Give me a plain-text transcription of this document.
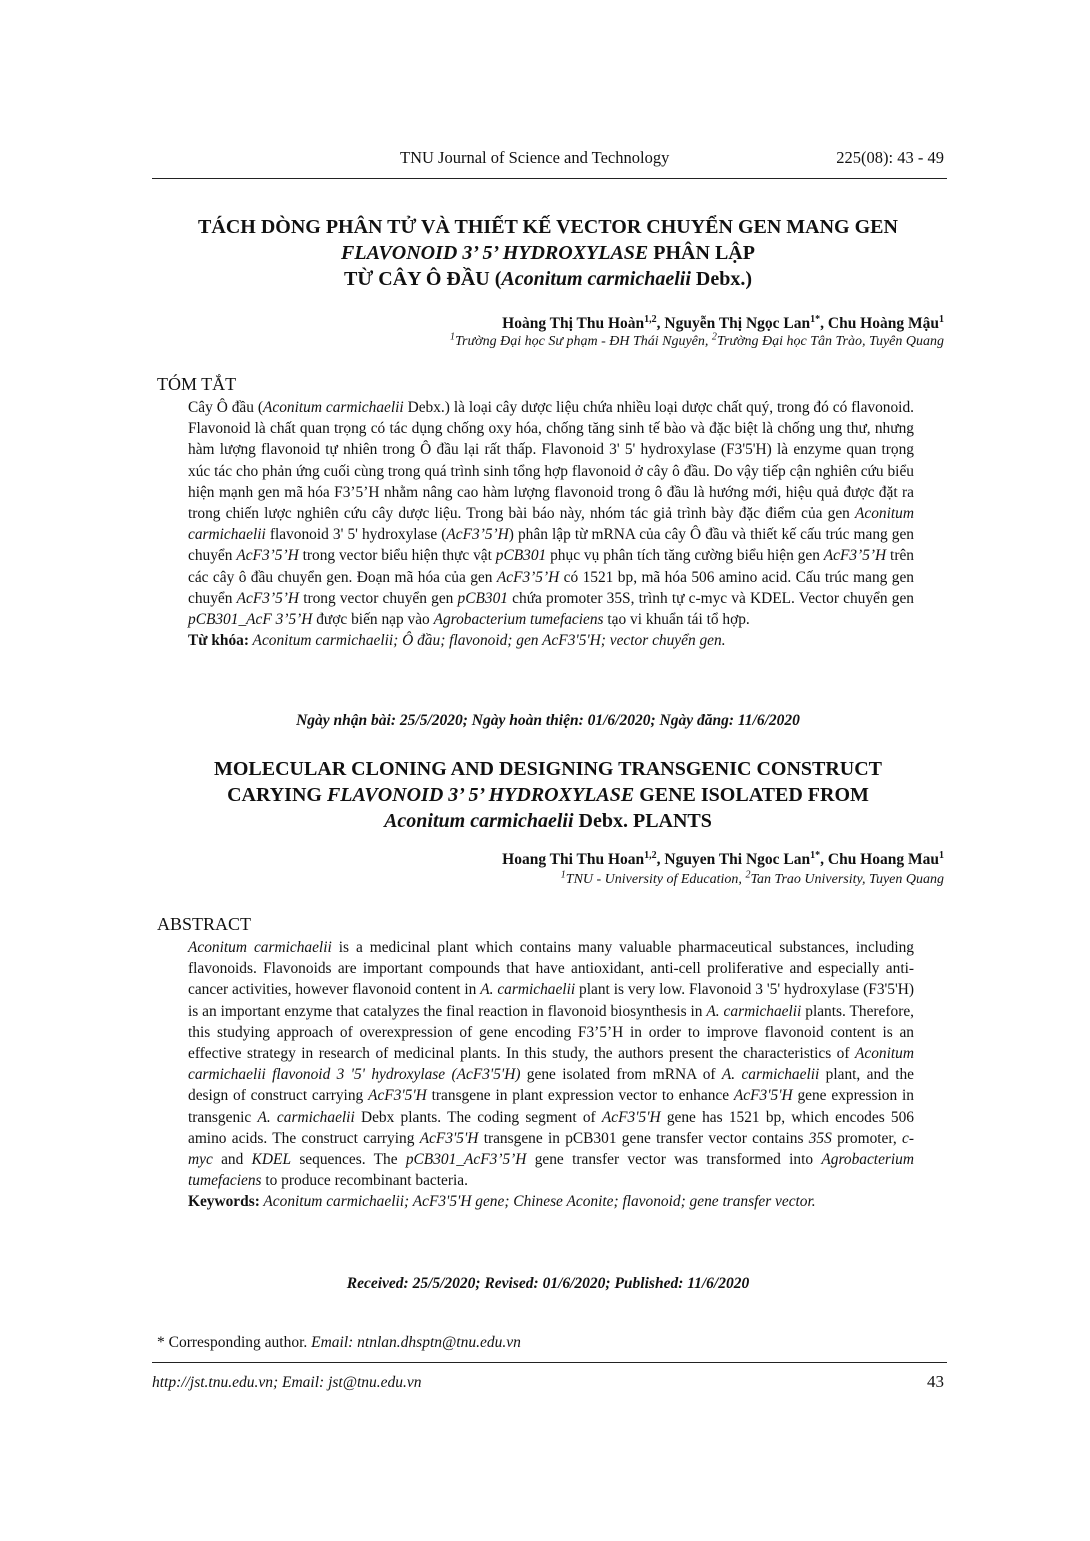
TNU Journal of Science and Technology	225(08): 43 - 49
TÁCH DÒNG PHÂN TỬ VÀ THIẾT KẾ VECTOR CHUYỂN GEN MANG GEN
FLAVONOID 3’ 5’ HYDROXYLASE PHÂN LẬP
TỪ CÂY Ô ĐẦU (Aconitum carmichaelii Debx.)
Hoàng Thị Thu Hoàn$^{1,2}$, Nguyễn Thị Ngọc Lan$^{1*}$, Chu Hoàng Mậu$^1$
$^1$Trường Đại học Sư phạm - ĐH Thái Nguyên, $^2$Trường Đại học Tân Trào, Tuyên Quang
TÓM TẮT

Cây Ô đầu (Aconitum carmichaelii Debx.) là loại cây dược liệu chứa nhiều loại dược chất quý, trong đó có flavonoid. Flavonoid là chất quan trọng có tác dụng chống oxy hóa, chống tăng sinh tế bào và đặc biệt là chống ung thư, nhưng hàm lượng flavonoid tự nhiên trong Ô đầu lại rất thấp. Flavonoid 3' 5' hydroxylase (F3'5'H) là enzyme quan trọng xúc tác cho phản ứng cuối cùng trong quá trình sinh tổng hợp flavonoid ở cây ô đầu. Do vậy tiếp cận nghiên cứu biểu hiện mạnh gen mã hóa F3’5’H nhằm nâng cao hàm lượng flavonoid trong ô đầu là hướng mới, hiệu quả được đặt ra trong chiến lược nghiên cứu cây dược liệu. Trong bài báo này, nhóm tác giả trình bày đặc điểm của gen Aconitum carmichaelii flavonoid 3' 5' hydroxylase (AcF3’5’H) phân lập từ mRNA của cây Ô đầu và thiết kế cấu trúc mang gen chuyển AcF3’5’H trong vector biểu hiện thực vật pCB301 phục vụ phân tích tăng cường biểu hiện gen AcF3’5’H trên các cây ô đầu chuyển gen. Đoạn mã hóa của gen AcF3’5’H có 1521 bp, mã hóa 506 amino acid. Cấu trúc mang gen chuyển AcF3’5’H trong vector chuyển gen pCB301 chứa promoter 35S, trình tự c-myc và KDEL. Vector chuyển gen pCB301_AcF 3’5’H được biến nạp vào Agrobacterium tumefaciens tạo vi khuẩn tái tổ hợp.

Từ khóa: Aconitum carmichaelii; Ô đầu; flavonoid; gen AcF3'5'H; vector chuyển gen.

Ngày nhận bài: 25/5/2020; Ngày hoàn thiện: 01/6/2020; Ngày đăng: 11/6/2020
MOLECULAR CLONING AND DESIGNING TRANSGENIC CONSTRUCT
CARYING FLAVONOID 3’ 5’ HYDROXYLASE GENE ISOLATED FROM
Aconitum carmichaelii Debx. PLANTS
Hoang Thi Thu Hoan$^{1,2}$, Nguyen Thi Ngoc Lan$^{1*}$, Chu Hoang Mau$^1$
$^1$TNU - University of Education, $^2$Tan Trao University, Tuyen Quang
ABSTRACT

Aconitum carmichaelii is a medicinal plant which contains many valuable pharmaceutical substances, including flavonoids. Flavonoids are important compounds that have antioxidant, anti-cell proliferative and especially anti-cancer activities, however flavonoid content in A. carmichaelii plant is very low. Flavonoid 3 '5' hydroxylase (F3'5'H) is an important enzyme that catalyzes the final reaction in flavonoid biosynthesis in A. carmichaelii plants. Therefore, this studying approach of overexpression of gene encoding F3’5’H in order to improve flavonoid content is an effective strategy in research of medicinal plants. In this study, the authors present the characteristics of Aconitum carmichaelii flavonoid 3 '5' hydroxylase (AcF3'5'H) gene isolated from mRNA of A. carmichaelii plant, and the design of construct carrying AcF3'5'H transgene in plant expression vector to enhance AcF3'5'H gene expression in transgenic A. carmichaelii Debx plants. The coding segment of AcF3'5'H gene has 1521 bp, which encodes 506 amino acids. The construct carrying AcF3'5'H transgene in pCB301 gene transfer vector contains 35S promoter, c-myc and KDEL sequences. The pCB301_AcF3’5’H gene transfer vector was transformed into Agrobacterium tumefaciens to produce recombinant bacteria.

Keywords: Aconitum carmichaelii; AcF3'5'H gene; Chinese Aconite; flavonoid; gene transfer vector.

Received: 25/5/2020; Revised: 01/6/2020; Published: 11/6/2020
* Corresponding author. Email: ntnlan.dhsptn@tnu.edu.vn
http://jst.tnu.edu.vn; Email: jst@tnu.edu.vn	43
